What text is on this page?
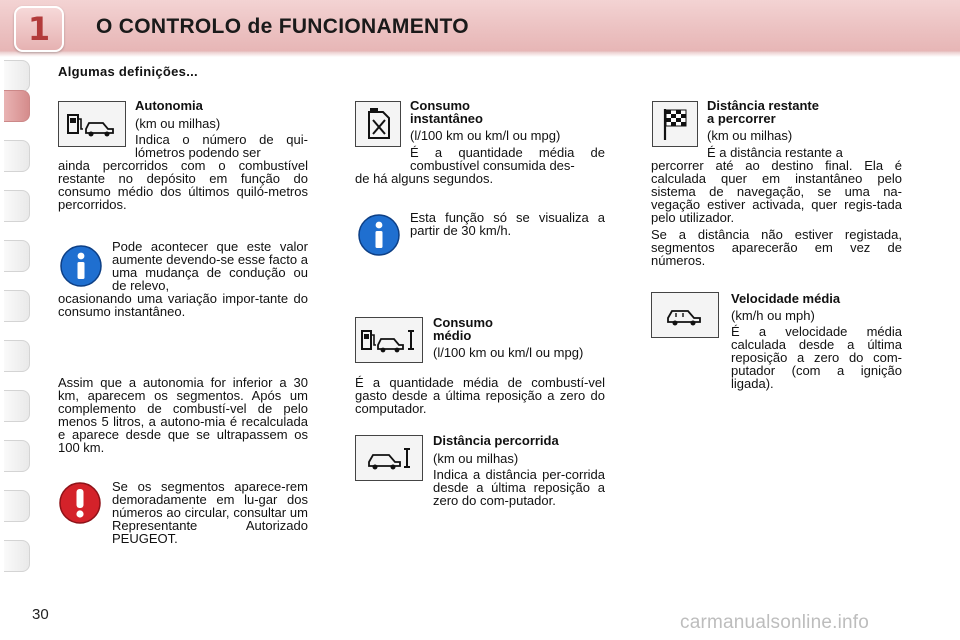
1	O CONTROLO de FUNCIONAMENTO
Algumas definições...
Autonomia
(km ou milhas)
Indica o número de qui-lómetros podendo ser
ainda percorridos com o combustível restante no depósito em função do consumo médio dos últimos quiló-metros percorridos.
Pode acontecer que este valor aumente devendo-se esse facto a uma mudança de condução ou de relevo,
ocasionando uma variação impor-tante do consumo instantâneo.
Assim que a autonomia for inferior a 30 km, aparecem os segmentos. Após um complemento de combustí-vel de pelo menos 5 litros, a autono-mia é recalculada e aparece desde que se ultrapassem os 100 km.
Se os segmentos aparece-rem demoradamente em lu-gar dos números ao circular, consultar um Representante Autorizado PEUGEOT.
Consumo
instantâneo
(l/100 km ou km/l ou mpg)
É a quantidade média de combustível consumida des-
de há alguns segundos.
Esta função só se visualiza a partir de 30 km/h.
Consumo
médio
(l/100 km ou km/l ou mpg)
É a quantidade média de combustí-vel gasto desde a última reposição a zero do computador.
Distância percorrida
(km ou milhas)
Indica a distância per-corrida desde a última reposição a zero do com-putador.
Distância restante
a percorrer
(km ou milhas)
É a distância restante a
percorrer até ao destino final. Ela é calculada quer em instantâneo pelo sistema de navegação, se uma na-vegação estiver activada, quer regis-tada pelo utilizador.
Se a distância não estiver registada, segmentos aparecerão em vez de números.
Velocidade média
(km/h ou mph)
É a velocidade média calculada desde a última reposição a zero do com-putador (com a ignição ligada).
30	carmanualsonline.info
